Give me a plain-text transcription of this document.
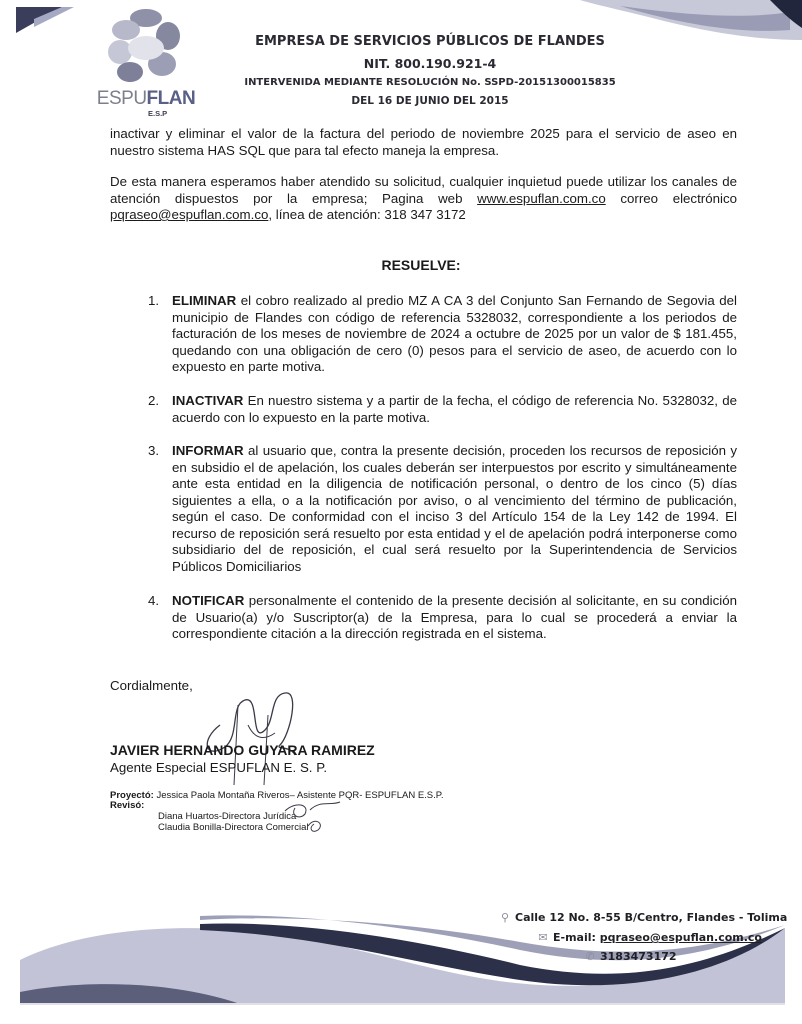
ESPUFLAN
E.S.P
EMPRESA DE SERVICIOS PÚBLICOS DE FLANDES
NIT. 800.190.921-4
INTERVENIDA MEDIANTE RESOLUCIÓN No. SSPD-20151300015835
DEL 16 DE JUNIO DEL 2015
inactivar y eliminar el valor de la factura del periodo de noviembre 2025 para el servicio de aseo en nuestro sistema HAS SQL que para tal efecto maneja la empresa.
De esta manera esperamos haber atendido su solicitud, cualquier inquietud puede utilizar los canales de atención dispuestos por la empresa; Pagina web www.espuflan.com.co correo electrónico pqraseo@espuflan.com.co, línea de atención: 318 347 3172
RESUELVE:
1. ELIMINAR el cobro realizado al predio MZ A CA 3 del Conjunto San Fernando de Segovia del municipio de Flandes con código de referencia 5328032, correspondiente a los periodos de facturación de los meses de noviembre de 2024 a octubre de 2025 por un valor de $ 181.455, quedando con una obligación de cero (0) pesos para el servicio de aseo, de acuerdo con lo expuesto en parte motiva.
2. INACTIVAR En nuestro sistema y a partir de la fecha, el código de referencia No. 5328032, de acuerdo con lo expuesto en la parte motiva.
3. INFORMAR al usuario que, contra la presente decisión, proceden los recursos de reposición y en subsidio el de apelación, los cuales deberán ser interpuestos por escrito y simultáneamente ante esta entidad en la diligencia de notificación personal, o dentro de los cinco (5) días siguientes a ella, o a la notificación por aviso, o al vencimiento del término de publicación, según el caso. De conformidad con el inciso 3 del Artículo 154 de la Ley 142 de 1994. El recurso de reposición será resuelto por esta entidad y el de apelación podrá interponerse como subsidiario del de reposición, el cual será resuelto por la Superintendencia de Servicios Públicos Domiciliarios
4. NOTIFICAR personalmente el contenido de la presente decisión al solicitante, en su condición de Usuario(a) y/o Suscriptor(a) de la Empresa, para lo cual se procederá a enviar la correspondiente citación a la dirección registrada en el sistema.
Cordialmente,
JAVIER HERNANDO GUYARA RAMIREZ
Agente Especial ESPUFLAN E. S. P.
Proyectó: Jessica Paola Montaña Riveros– Asistente PQR- ESPUFLAN E.S.P.
Revisó:
Diana Huartos-Directora Jurídica
Claudia Bonilla-Directora Comercial
⚲ Calle 12 No. 8-55 B/Centro, Flandes - Tolima
✉ E-mail: pqraseo@espuflan.com.co
✆ 3183473172
